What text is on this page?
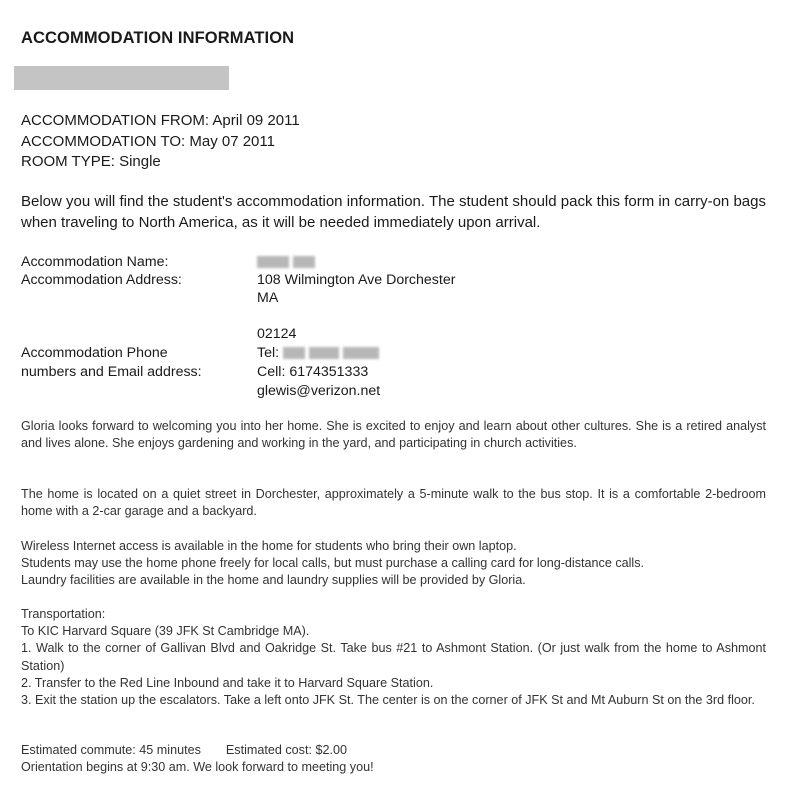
ACCOMMODATION INFORMATION
ACCOMMODATION FROM: April 09 2011
ACCOMMODATION TO: May 07 2011
ROOM TYPE: Single

Below you will find the student's accommodation information. The student should pack this form in carry-on bags when traveling to North America, as it will be needed immediately upon arrival.

Accommodation Name:

Accommodation Address:	108 Wilmington Ave Dorchester
MA
02124
Accommodation Phone	Tel:
numbers and Email address:	Cell: 6174351333
glewis@verizon.net

Gloria looks forward to welcoming you into her home. She is excited to enjoy and learn about other cultures. She is a retired analyst and lives alone. She enjoys gardening and working in the yard, and participating in church activities.

The home is located on a quiet street in Dorchester, approximately a 5-minute walk to the bus stop. It is a comfortable 2-bedroom home with a 2-car garage and a backyard.

Wireless Internet access is available in the home for students who bring their own laptop.
Students may use the home phone freely for local calls, but must purchase a calling card for long-distance calls.
Laundry facilities are available in the home and laundry supplies will be provided by Gloria.
Transportation:
To KIC Harvard Square (39 JFK St Cambridge MA).
1. Walk to the corner of Gallivan Blvd and Oakridge St. Take bus #21 to Ashmont Station. (Or just walk from the home to Ashmont Station)
2. Transfer to the Red Line Inbound and take it to Harvard Square Station.
3. Exit the station up the escalators. Take a left onto JFK St. The center is on the corner of JFK St and Mt Auburn St on the 3rd floor.
Estimated commute: 45 minutes Estimated cost: $2.00
Orientation begins at 9:30 am. We look forward to meeting you!
